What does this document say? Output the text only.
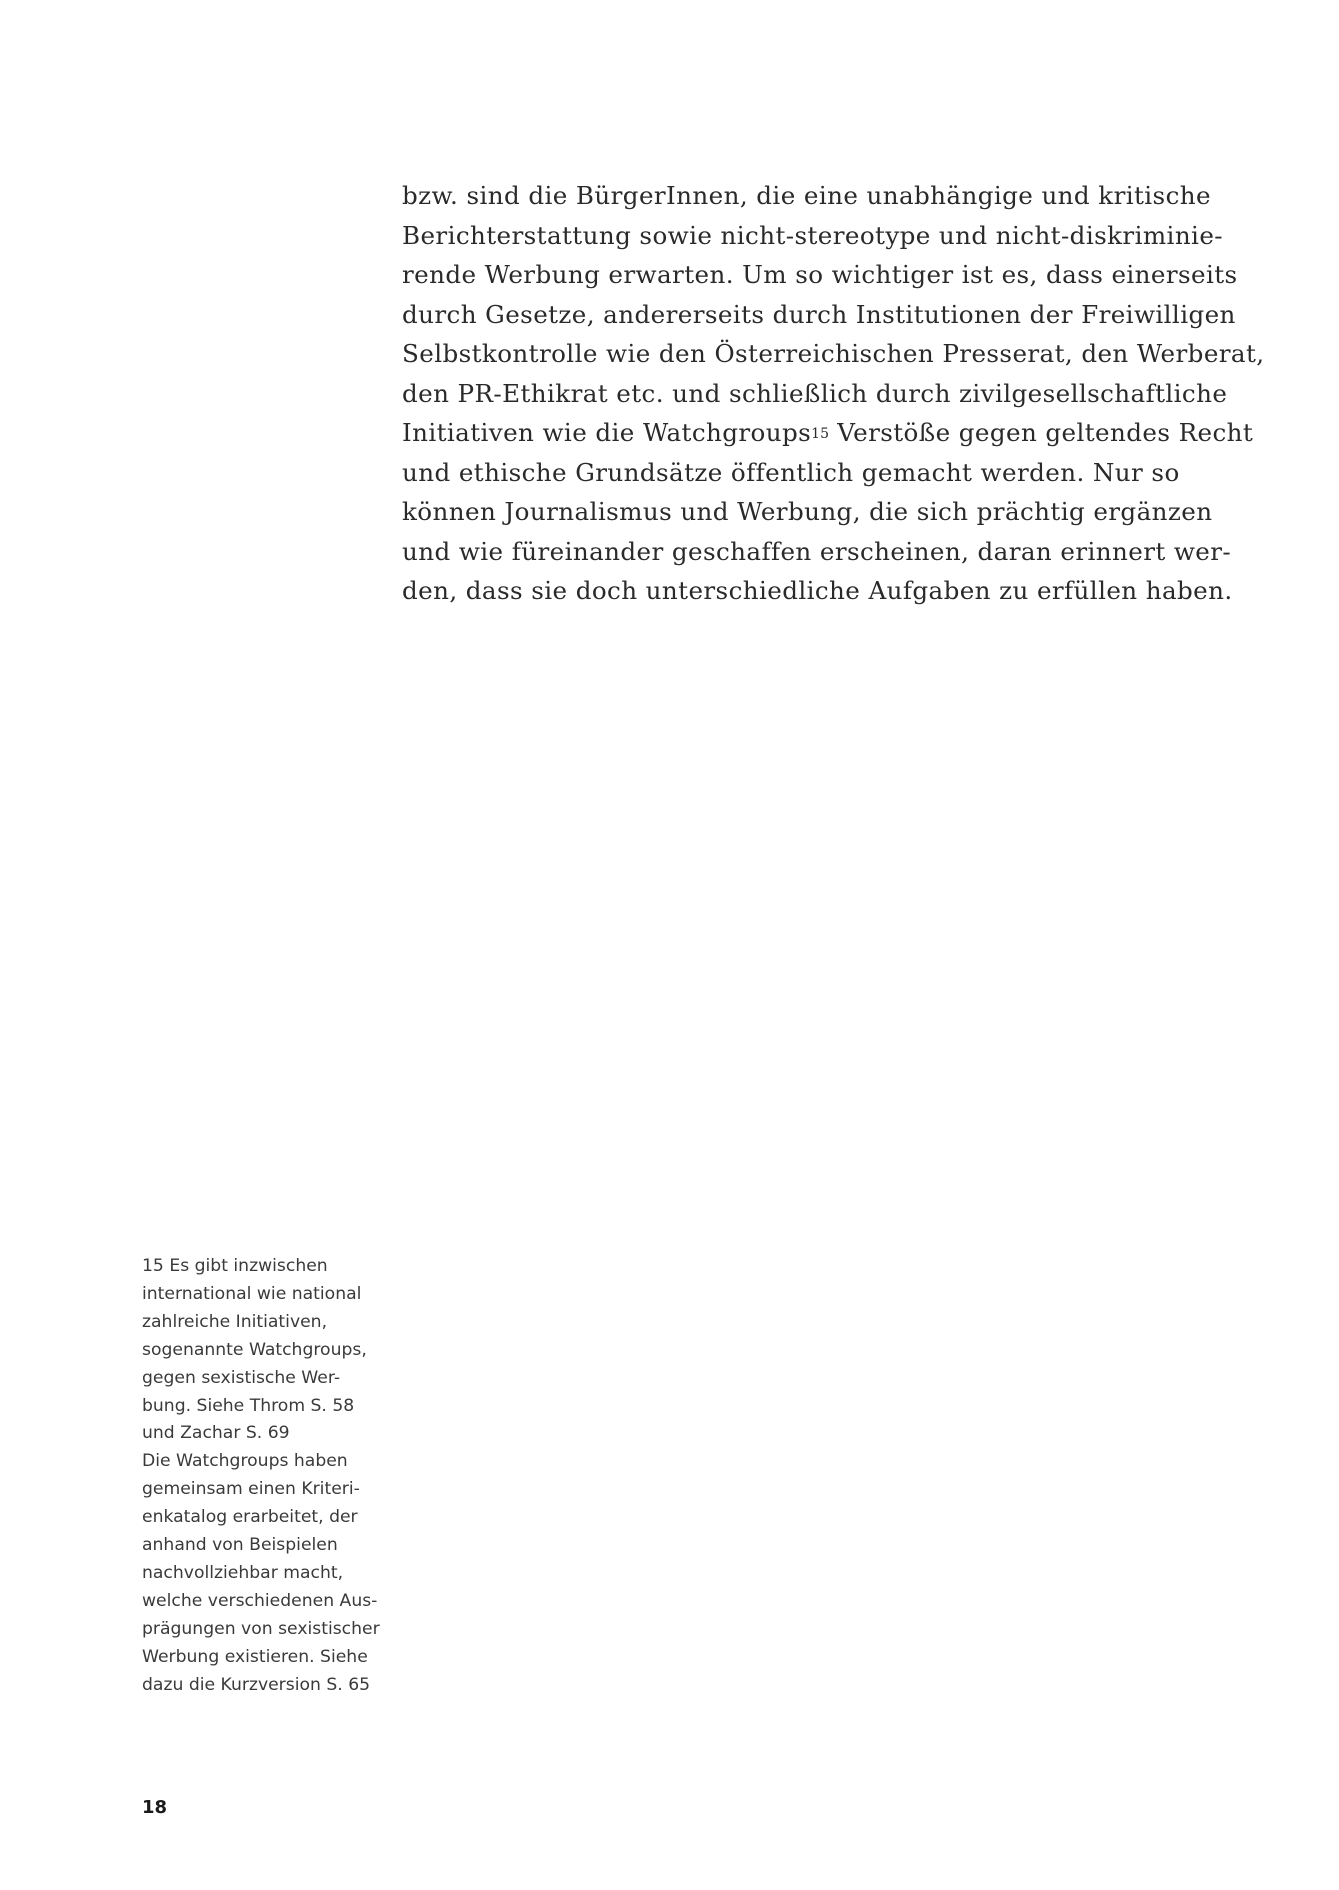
bzw. sind die BürgerInnen, die eine unabhängige und kritische
Berichterstattung sowie nicht-stereotype und nicht-diskriminie-
rende Werbung erwarten. Um so wichtiger ist es, dass einerseits
durch Gesetze, andererseits durch Institutionen der Freiwilligen
Selbstkontrolle wie den Österreichischen Presserat, den Werberat,
den PR-Ethikrat etc. und schließlich durch zivilgesellschaftliche
Initiativen wie die Watchgroups$^{15}$ Verstöße gegen geltendes Recht
und ethische Grundsätze öffentlich gemacht werden. Nur so
können Journalismus und Werbung, die sich prächtig ergänzen
und wie füreinander geschaffen erscheinen, daran erinnert wer-
den, dass sie doch unterschiedliche Aufgaben zu erfüllen haben.

15 Es gibt inzwischen
international wie national
zahlreiche Initiativen,
sogenannte Watchgroups,
gegen sexistische Wer-
bung. Siehe Throm S. 58
und Zachar S. 69
Die Watchgroups haben
gemeinsam einen Kriteri-
enkatalog erarbeitet, der
anhand von Beispielen
nachvollziehbar macht,
welche verschiedenen Aus-
prägungen von sexistischer
Werbung existieren. Siehe
dazu die Kurzversion S. 65

18
